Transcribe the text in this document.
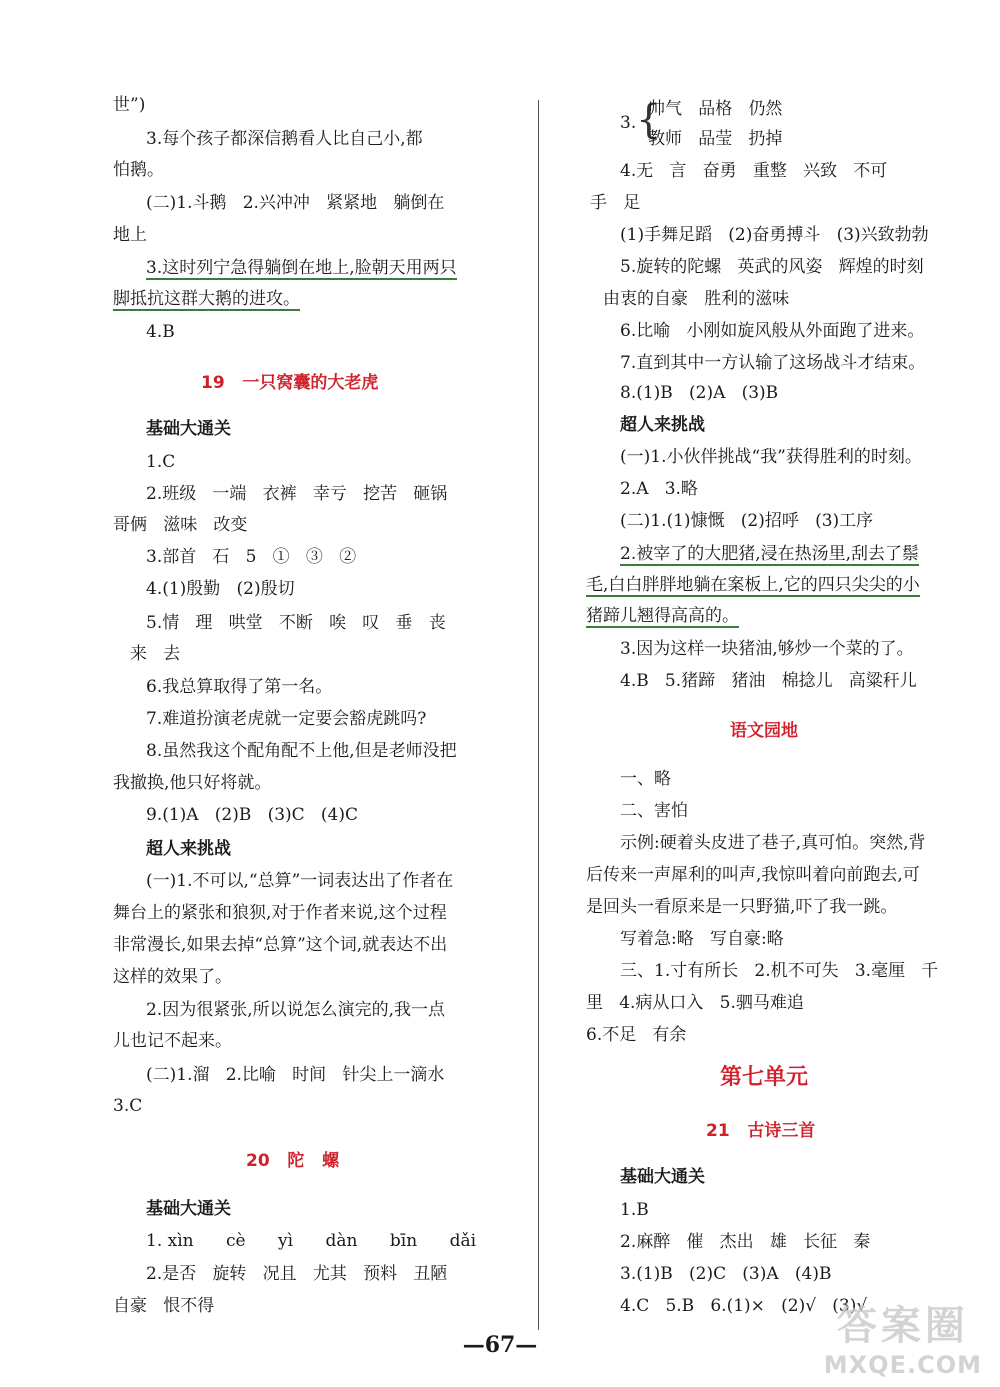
世”)
3.每个孩子都深信鹅看人比自己小,都
怕鹅。
(二)1.斗鹅   2.兴冲冲   紧紧地   躺倒在
地上
3.这时列宁急得躺倒在地上,脸朝天用两只
脚抵抗这群大鹅的进攻。
4.B
19   一只窝囊的大老虎
基础大通关
1.C
2.班级   一端   衣裤   幸亏   挖苦   砸锅
哥俩   滋味   改变
3.部首   石   5   ①   ③   ②
4.(1)殷勤   (2)殷切
5.情   理   哄堂   不断   唉   叹   垂   丧
来   去
6.我总算取得了第一名。
7.难道扮演老虎就一定要会豁虎跳吗?
8.虽然我这个配角配不上他,但是老师没把
我撤换,他只好将就。
9.(1)A   (2)B   (3)C   (4)C
超人来挑战
(一)1.不可以,“总算”一词表达出了作者在
舞台上的紧张和狼狈,对于作者来说,这个过程
非常漫长,如果去掉“总算”这个词,就表达不出
这样的效果了。
2.因为很紧张,所以说怎么演完的,我一点
儿也记不起来。
(二)1.溜   2.比喻   时间   针尖上一滴水
3.C
20   陀   螺
基础大通关
1. xìn      cè      yì      dàn      bīn      dǎi
2.是否   旋转   况且   尤其   预料   丑陋
自豪   恨不得
3. {
帅气   品格   仍然
教师   品莹   扔掉
4.无   言   奋勇   重整   兴致   不可
手   足
(1)手舞足蹈   (2)奋勇搏斗   (3)兴致勃勃
5.旋转的陀螺   英武的风姿   辉煌的时刻
由衷的自豪   胜利的滋味
6.比喻   小刚如旋风般从外面跑了进来。
7.直到其中一方认输了这场战斗才结束。
8.(1)B   (2)A   (3)B
超人来挑战
(一)1.小伙伴挑战“我”获得胜利的时刻。
2.A   3.略
(二)1.(1)慷慨   (2)招呼   (3)工序
2.被宰了的大肥猪,浸在热汤里,刮去了鬃
毛,白白胖胖地躺在案板上,它的四只尖尖的小
猪蹄儿翘得高高的。
3.因为这样一块猪油,够炒一个菜的了。
4.B   5.猪蹄   猪油   棉捻儿   高粱秆儿
语文园地
一、略
二、害怕
示例:硬着头皮进了巷子,真可怕。突然,背
后传来一声犀利的叫声,我惊叫着向前跑去,可
是回头一看原来是一只野猫,吓了我一跳。
写着急:略   写自豪:略
三、1.寸有所长   2.机不可失   3.毫厘   千
里   4.病从口入   5.驷马难追
6.不足   有余
第七单元
21   古诗三首
基础大通关
1.B
2.麻醉   催   杰出   雄   长征   秦
3.(1)B   (2)C   (3)A   (4)B
4.C   5.B   6.(1)×   (2)√   (3)√
—67—	答案圈
MXQE.COM
